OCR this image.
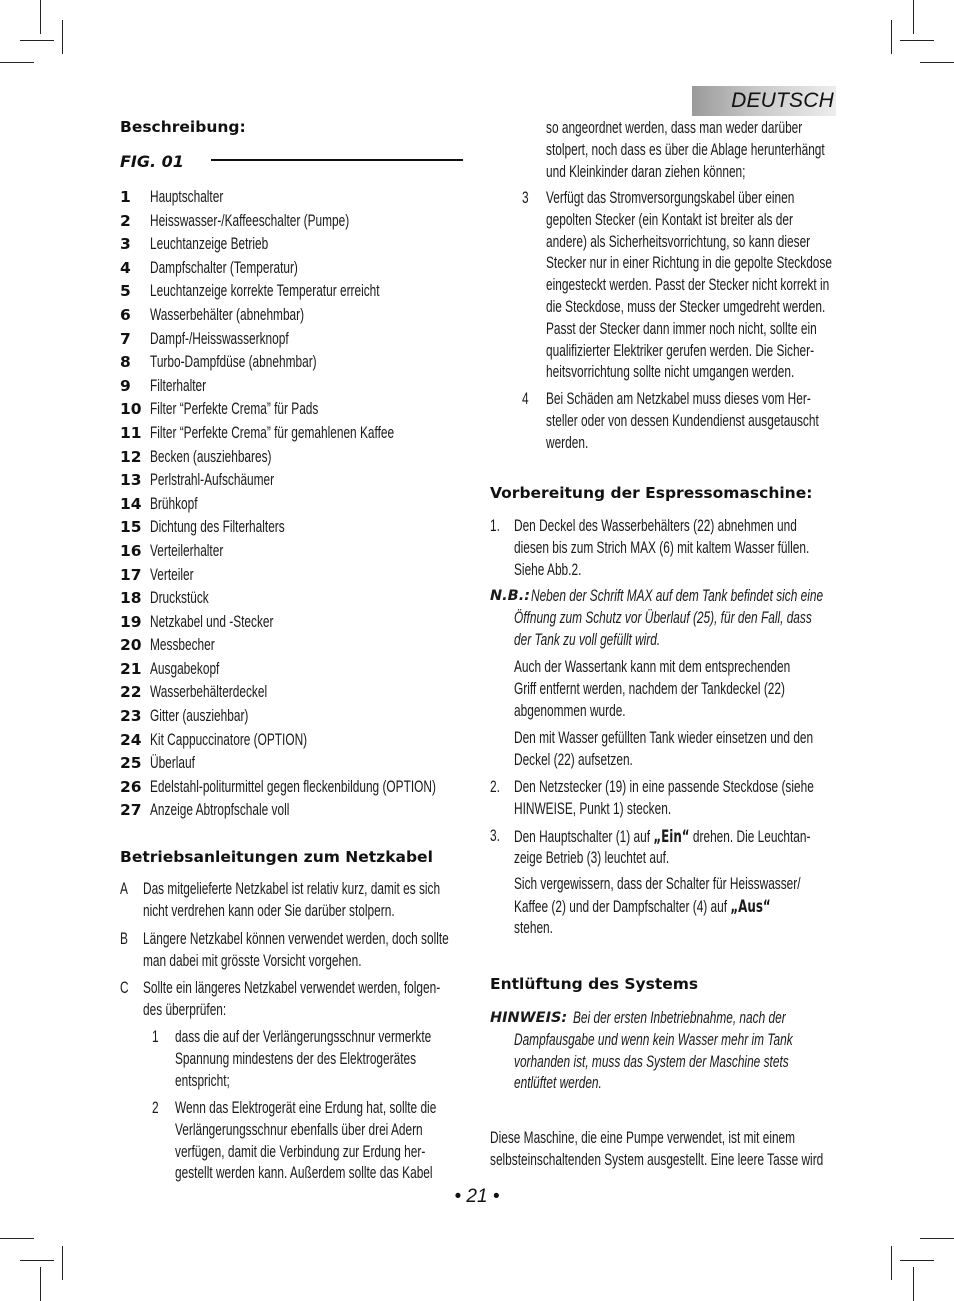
DEUTSCH
Beschreibung:
FIG. 01
1 Hauptschalter
2 Heisswasser-/Kaffeeschalter (Pumpe)
3 Leuchtanzeige Betrieb
4 Dampfschalter (Temperatur)
5 Leuchtanzeige korrekte Temperatur erreicht
6 Wasserbehälter (abnehmbar)
7 Dampf-/Heisswasserknopf
8 Turbo-Dampfdüse (abnehmbar)
9 Filterhalter
10 Filter “Perfekte Crema” für Pads
11 Filter “Perfekte Crema” für gemahlenen Kaffee
12 Becken (ausziehbares)
13 Perlstrahl-Aufschäumer
14 Brühkopf
15 Dichtung des Filterhalters
16 Verteilerhalter
17 Verteiler
18 Druckstück
19 Netzkabel und -Stecker
20 Messbecher
21 Ausgabekopf
22 Wasserbehälterdeckel
23 Gitter (ausziehbar)
24 Kit Cappuccinatore (OPTION)
25 Überlauf
26 Edelstahl-politurmittel gegen fleckenbildung (OPTION)
27 Anzeige Abtropfschale voll
Betriebsanleitungen zum Netzkabel
A Das mitgelieferte Netzkabel ist relativ kurz, damit es sich
nicht verdrehen kann oder Sie darüber stolpern.
B Längere Netzkabel können verwendet werden, doch sollte
man dabei mit grösste Vorsicht vorgehen.
C Sollte ein längeres Netzkabel verwendet werden, folgen-
des überprüfen:
1 dass die auf der Verlängerungsschnur vermerkte
Spannung mindestens der des Elektrogerätes
entspricht;
2 Wenn das Elektrogerät eine Erdung hat, sollte die
Verlängerungsschnur ebenfalls über drei Adern
verfügen, damit die Verbindung zur Erdung her-
gestellt werden kann. Außerdem sollte das Kabel
so angeordnet werden, dass man weder darüber
stolpert, noch dass es über die Ablage herunterhängt
und Kleinkinder daran ziehen können;
3 Verfügt das Stromversorgungskabel über einen
gepolten Stecker (ein Kontakt ist breiter als der
andere) als Sicherheitsvorrichtung, so kann dieser
Stecker nur in einer Richtung in die gepolte Steckdose
eingesteckt werden. Passt der Stecker nicht korrekt in
die Steckdose, muss der Stecker umgedreht werden.
Passt der Stecker dann immer noch nicht, sollte ein
qualifizierter Elektriker gerufen werden. Die Sicher-
heitsvorrichtung sollte nicht umgangen werden.
4 Bei Schäden am Netzkabel muss dieses vom Her-
steller oder von dessen Kundendienst ausgetauscht
werden.
Vorbereitung der Espressomaschine:
1. Den Deckel des Wasserbehälters (22) abnehmen und
diesen bis zum Strich MAX (6) mit kaltem Wasser füllen.
Siehe Abb.2.
N.B.: Neben der Schrift MAX auf dem Tank befindet sich eine
Öffnung zum Schutz vor Überlauf (25), für den Fall, dass
der Tank zu voll gefüllt wird.
Auch der Wassertank kann mit dem entsprechenden
Griff entfernt werden, nachdem der Tankdeckel (22)
abgenommen wurde.
Den mit Wasser gefüllten Tank wieder einsetzen und den
Deckel (22) aufsetzen.
2. Den Netzstecker (19) in eine passende Steckdose (siehe
HINWEISE, Punkt 1) stecken.
3. Den Hauptschalter (1) auf „Ein“ drehen. Die Leuchtan-
zeige Betrieb (3) leuchtet auf.
Sich vergewissern, dass der Schalter für Heisswasser/
Kaffee (2) und der Dampfschalter (4) auf „Aus“
stehen.
Entlüftung des Systems
HINWEIS: Bei der ersten Inbetriebnahme, nach der
Dampfausgabe und wenn kein Wasser mehr im Tank
vorhanden ist, muss das System der Maschine stets
entlüftet werden.
Diese Maschine, die eine Pumpe verwendet, ist mit einem
selbsteinschaltenden System ausgestellt. Eine leere Tasse wird
• 21 •
